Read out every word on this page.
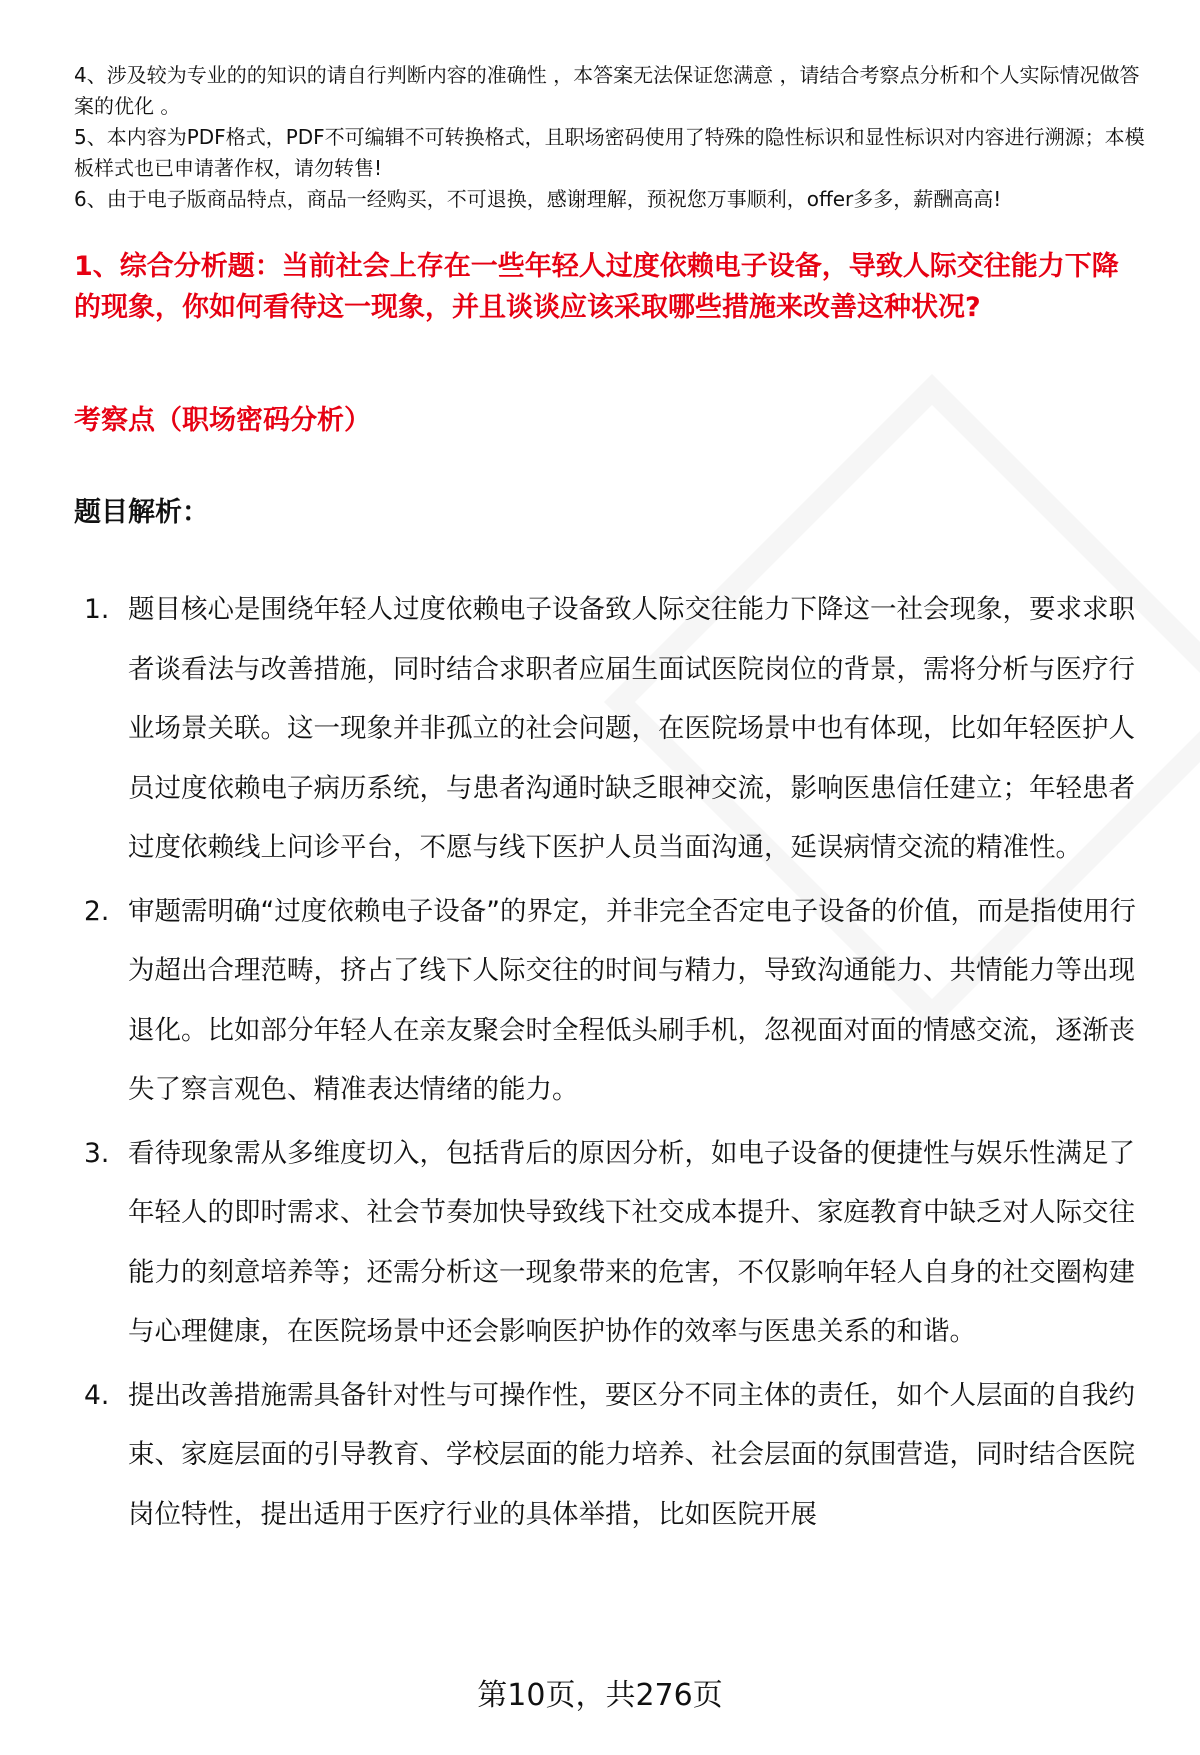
4、涉及较为专业的的知识的请自行判断内容的准确性 ，本答案无法保证您满意 ，请结合考察点分析和个人实际情况做答案的优化 。

5、本内容为PDF格式，PDF不可编辑不可转换格式，且职场密码使用了特殊的隐性标识和显性标识对内容进行溯源；本模板样式也已申请著作权，请勿转售!

6、由于电子版商品特点，商品一经购买，不可退换，感谢理解，预祝您万事顺利，offer多多，薪酬高高!

1、综合分析题：当前社会上存在一些年轻人过度依赖电子设备，导致人际交往能力下降的现象，你如何看待这一现象，并且谈谈应该采取哪些措施来改善这种状况?

考察点（职场密码分析）

题目解析：

1. 题目核心是围绕年轻人过度依赖电子设备致人际交往能力下降这一社会现象，要求求职者谈看法与改善措施，同时结合求职者应届生面试医院岗位的背景，需将分析与医疗行业场景关联。这一现象并非孤立的社会问题，在医院场景中也有体现，比如年轻医护人员过度依赖电子病历系统，与患者沟通时缺乏眼神交流，影响医患信任建立；年轻患者过度依赖线上问诊平台，不愿与线下医护人员当面沟通，延误病情交流的精准性。
2. 审题需明确“过度依赖电子设备”的界定，并非完全否定电子设备的价值，而是指使用行为超出合理范畴，挤占了线下人际交往的时间与精力，导致沟通能力、共情能力等出现退化。比如部分年轻人在亲友聚会时全程低头刷手机，忽视面对面的情感交流，逐渐丧失了察言观色、精准表达情绪的能力。
3. 看待现象需从多维度切入，包括背后的原因分析，如电子设备的便捷性与娱乐性满足了年轻人的即时需求、社会节奏加快导致线下社交成本提升、家庭教育中缺乏对人际交往能力的刻意培养等；还需分析这一现象带来的危害，不仅影响年轻人自身的社交圈构建与心理健康，在医院场景中还会影响医护协作的效率与医患关系的和谐。
4. 提出改善措施需具备针对性与可操作性，要区分不同主体的责任，如个人层面的自我约束、家庭层面的引导教育、学校层面的能力培养、社会层面的氛围营造，同时结合医院岗位特性，提出适用于医疗行业的具体举措，比如医院开展
第10页，共276页
